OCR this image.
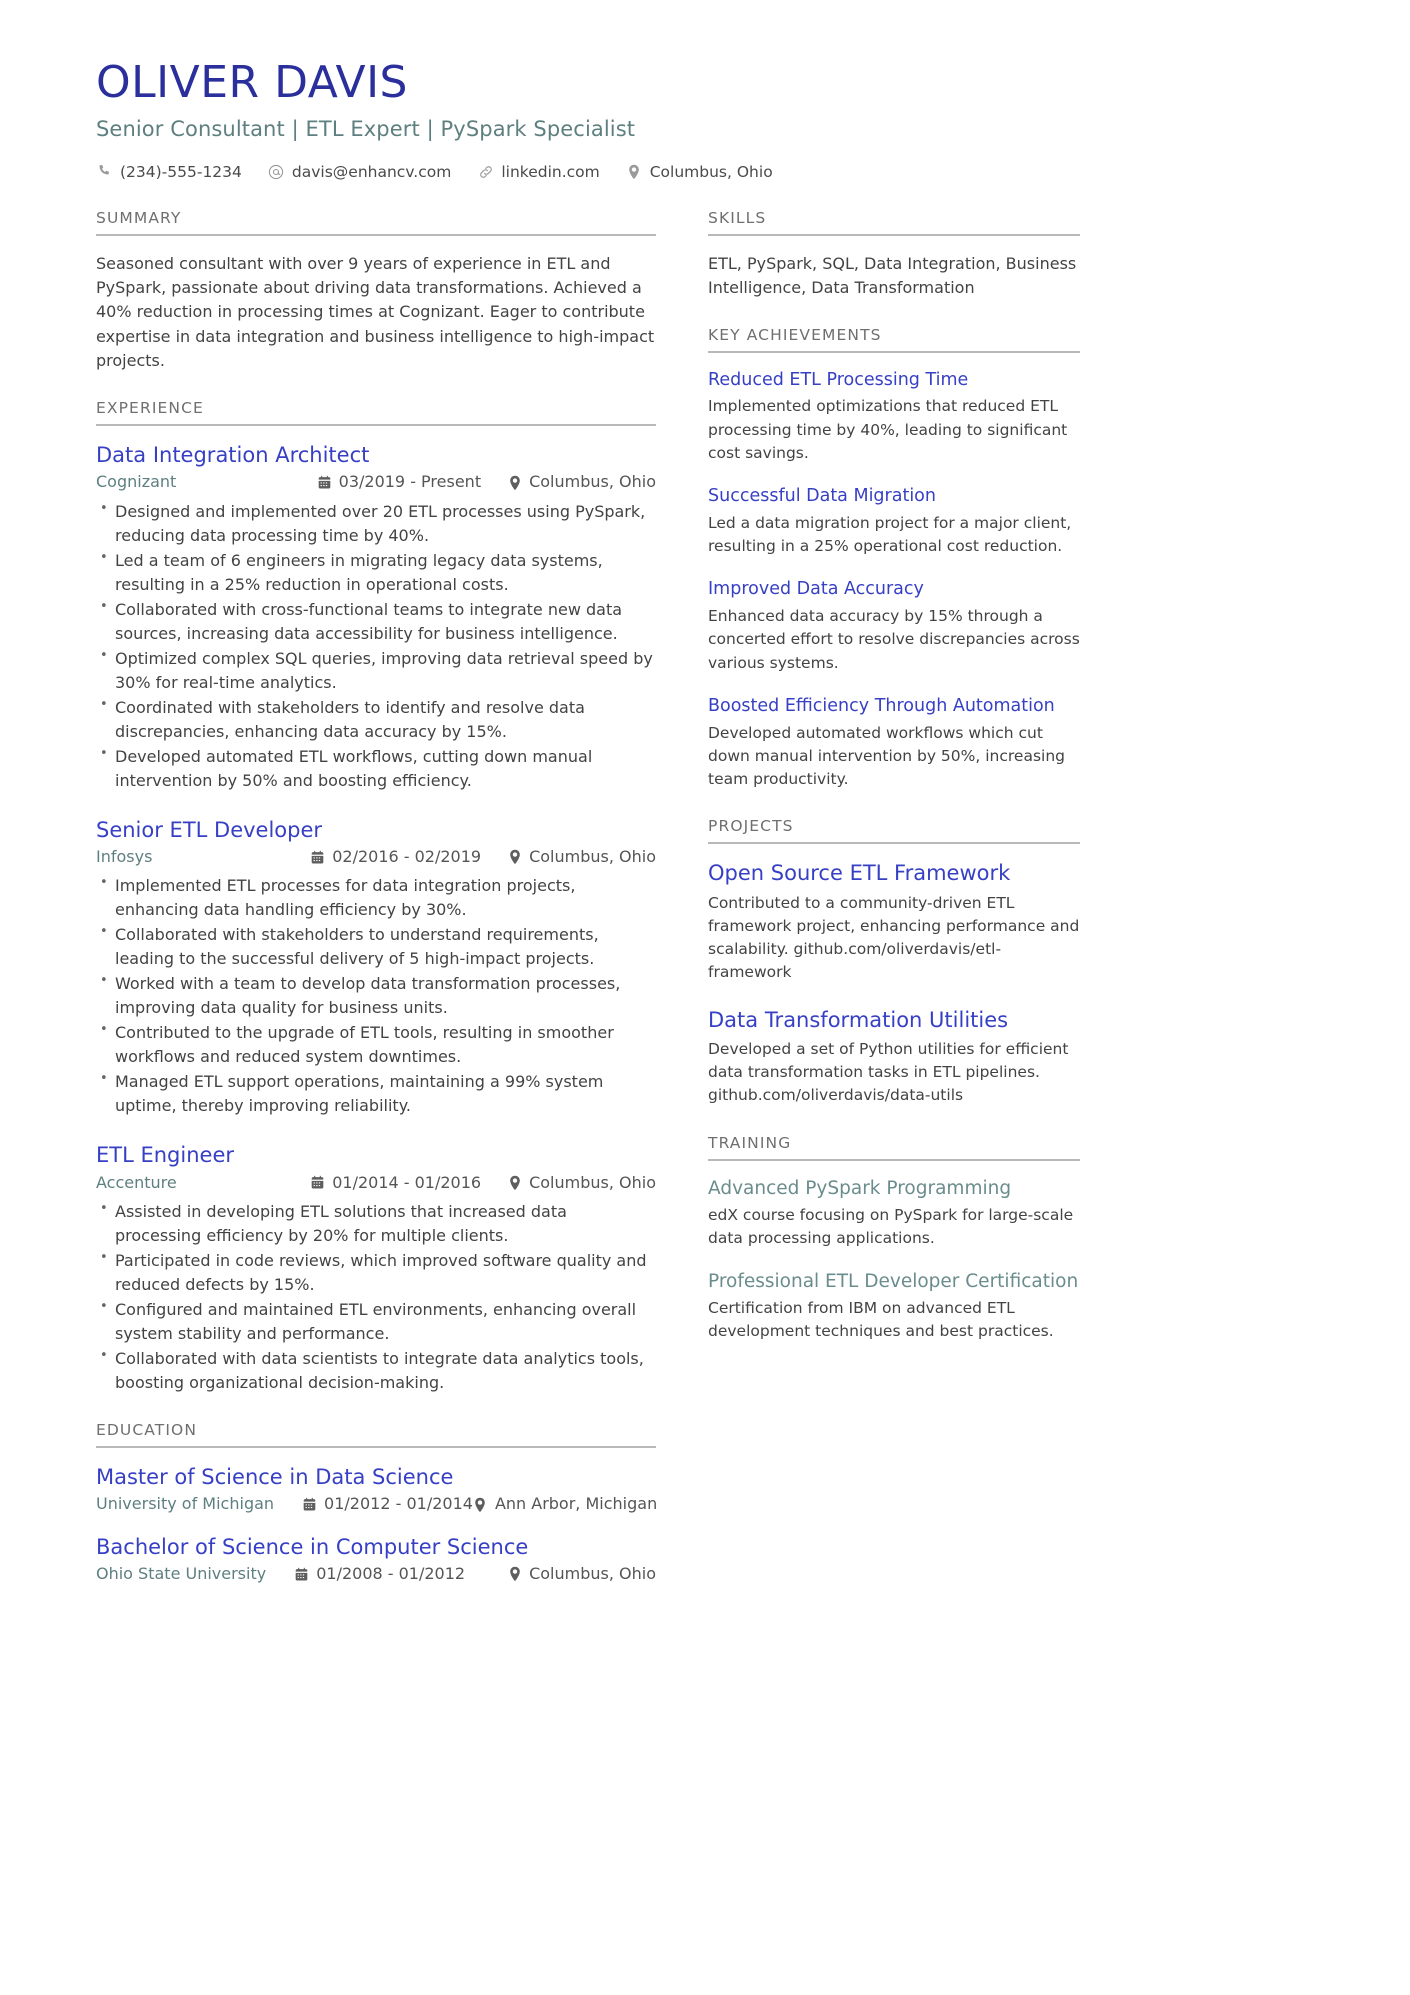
OLIVER DAVIS
Senior Consultant | ETL Expert | PySpark Specialist
(234)-555-1234	davis@enhancv.com	linkedin.com	Columbus, Ohio
SUMMARY

Seasoned consultant with over 9 years of experience in ETL and PySpark, passionate about driving data transformations. Achieved a 40% reduction in processing times at Cognizant. Eager to contribute expertise in data integration and business intelligence to high-impact projects.

EXPERIENCE
Data Integration Architect
Cognizant	03/2019 - Present	Columbus, Ohio
• Designed and implemented over 20 ETL processes using PySpark, reducing data processing time by 40%.
• Led a team of 6 engineers in migrating legacy data systems, resulting in a 25% reduction in operational costs.
• Collaborated with cross-functional teams to integrate new data sources, increasing data accessibility for business intelligence.
• Optimized complex SQL queries, improving data retrieval speed by 30% for real-time analytics.
• Coordinated with stakeholders to identify and resolve data discrepancies, enhancing data accuracy by 15%.
• Developed automated ETL workflows, cutting down manual intervention by 50% and boosting efficiency.
Senior ETL Developer
Infosys	02/2016 - 02/2019	Columbus, Ohio
• Implemented ETL processes for data integration projects, enhancing data handling efficiency by 30%.
• Collaborated with stakeholders to understand requirements, leading to the successful delivery of 5 high-impact projects.
• Worked with a team to develop data transformation processes, improving data quality for business units.
• Contributed to the upgrade of ETL tools, resulting in smoother workflows and reduced system downtimes.
• Managed ETL support operations, maintaining a 99% system uptime, thereby improving reliability.
ETL Engineer
Accenture	01/2014 - 01/2016	Columbus, Ohio
• Assisted in developing ETL solutions that increased data processing efficiency by 20% for multiple clients.
• Participated in code reviews, which improved software quality and reduced defects by 15%.
• Configured and maintained ETL environments, enhancing overall system stability and performance.
• Collaborated with data scientists to integrate data analytics tools, boosting organizational decision-making.
EDUCATION
Master of Science in Data Science
University of Michigan	01/2012 - 01/2014 Ann Arbor, Michigan
Bachelor of Science in Computer Science
Ohio State University	01/2008 - 01/2012	Columbus, Ohio
SKILLS

ETL, PySpark, SQL, Data Integration, Business Intelligence, Data Transformation

KEY ACHIEVEMENTS
Reduced ETL Processing Time

Implemented optimizations that reduced ETL processing time by 40%, leading to significant cost savings.

Successful Data Migration

Led a data migration project for a major client, resulting in a 25% operational cost reduction.

Improved Data Accuracy

Enhanced data accuracy by 15% through a concerted effort to resolve discrepancies across various systems.

Boosted Efficiency Through Automation

Developed automated workflows which cut down manual intervention by 50%, increasing team productivity.

PROJECTS
Open Source ETL Framework

Contributed to a community-driven ETL framework project, enhancing performance and scalability. github.com/oliverdavis/etl-framework

Data Transformation Utilities

Developed a set of Python utilities for efficient data transformation tasks in ETL pipelines. github.com/oliverdavis/data-utils

TRAINING
Advanced PySpark Programming

edX course focusing on PySpark for large-scale data processing applications.

Professional ETL Developer Certification

Certification from IBM on advanced ETL development techniques and best practices.
